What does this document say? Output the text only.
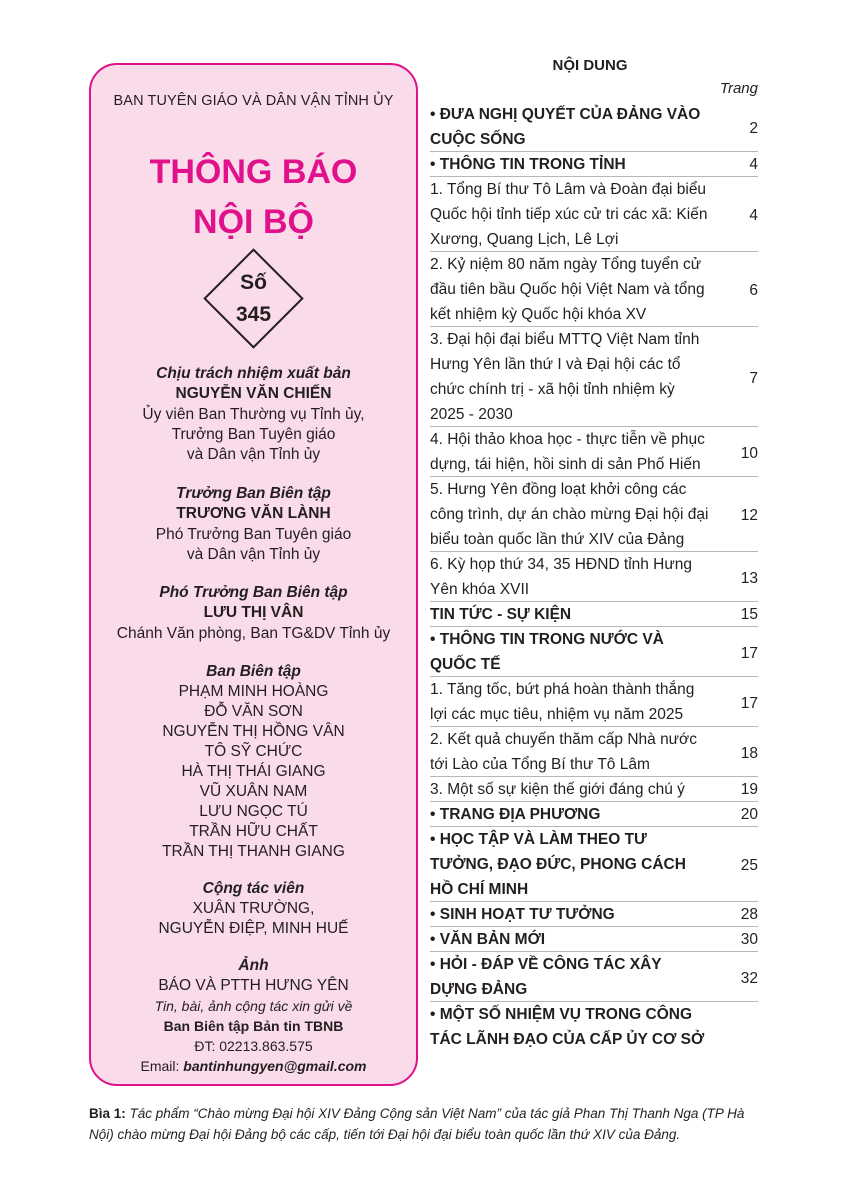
BAN TUYÊN GIÁO VÀ DÂN VẬN TỈNH ỦY
THÔNG BÁO
NỘI BỘ
Số
345
Chịu trách nhiệm xuất bản
NGUYỄN VĂN CHIẾN
Ủy viên Ban Thường vụ Tỉnh ủy,
Trưởng Ban Tuyên giáo
và Dân vận Tỉnh ủy
Trưởng Ban Biên tập
TRƯƠNG VĂN LÀNH
Phó Trưởng Ban Tuyên giáo
và Dân vận Tỉnh ủy
Phó Trưởng Ban Biên tập
LƯU THỊ VÂN
Chánh Văn phòng, Ban TG&DV Tỉnh ủy
Ban Biên tập
PHẠM MINH HOÀNG
ĐỖ VĂN SƠN
NGUYỄN THỊ HỒNG VÂN
TÔ SỸ CHỨC
HÀ THỊ THÁI GIANG
VŨ XUÂN NAM
LƯU NGỌC TÚ
TRẦN HỮU CHẤT
TRẦN THỊ THANH GIANG
Cộng tác viên
XUÂN TRƯỜNG,
NGUYỄN ĐIỆP, MINH HUẾ
Ảnh
BÁO VÀ PTTH HƯNG YÊN
Tin, bài, ảnh cộng tác xin gửi về
Ban Biên tập Bản tin TBNB
ĐT: 02213.863.575
Email: bantinhungyen@gmail.com
NỘI DUNG
Trang
• ĐƯA NGHỊ QUYẾT CỦA ĐẢNG VÀO
CUỘC SỐNG
2
• THÔNG TIN TRONG TỈNH	4
1. Tổng Bí thư Tô Lâm và Đoàn đại biểu
Quốc hội tỉnh tiếp xúc cử tri các xã: Kiến
Xương, Quang Lịch, Lê Lợi
4
2. Kỷ niệm 80 năm ngày Tổng tuyển cử
đầu tiên bầu Quốc hội Việt Nam và tổng
kết nhiệm kỳ Quốc hội khóa XV
6
3. Đại hội đại biểu MTTQ Việt Nam tỉnh
Hưng Yên lần thứ I và Đại hội các tổ
chức chính trị - xã hội tỉnh nhiệm kỳ
2025 - 2030
7
4. Hội thảo khoa học - thực tiễn về phục
dựng, tái hiện, hồi sinh di sản Phố Hiến
10
5. Hưng Yên đồng loạt khởi công các
công trình, dự án chào mừng Đại hội đại
biểu toàn quốc lần thứ XIV của Đảng
12
6. Kỳ họp thứ 34, 35 HĐND tỉnh Hưng
Yên khóa XVII
13
TIN TỨC - SỰ KIỆN	15
• THÔNG TIN TRONG NƯỚC VÀ
QUỐC TẾ
17
1. Tăng tốc, bứt phá hoàn thành thắng
lợi các mục tiêu, nhiệm vụ năm 2025
17
2. Kết quả chuyến thăm cấp Nhà nước
tới Lào của Tổng Bí thư Tô Lâm
18
3. Một số sự kiện thế giới đáng chú ý	19
• TRANG ĐỊA PHƯƠNG	20
• HỌC TẬP VÀ LÀM THEO TƯ
TƯỞNG, ĐẠO ĐỨC, PHONG CÁCH
HỒ CHÍ MINH
25
• SINH HOẠT TƯ TƯỞNG	28
• VĂN BẢN MỚI	30
• HỎI - ĐÁP VỀ CÔNG TÁC XÂY
DỰNG ĐẢNG
32
• MỘT SỐ NHIỆM VỤ TRONG CÔNG
TÁC LÃNH ĐẠO CỦA CẤP ỦY CƠ SỞ
Bìa 1: Tác phẩm “Chào mừng Đại hội XIV Đảng Cộng sản Việt Nam” của tác giả Phan Thị Thanh Nga (TP Hà Nội) chào mừng Đại hội Đảng bộ các cấp, tiến tới Đại hội đại biểu toàn quốc lần thứ XIV của Đảng.
